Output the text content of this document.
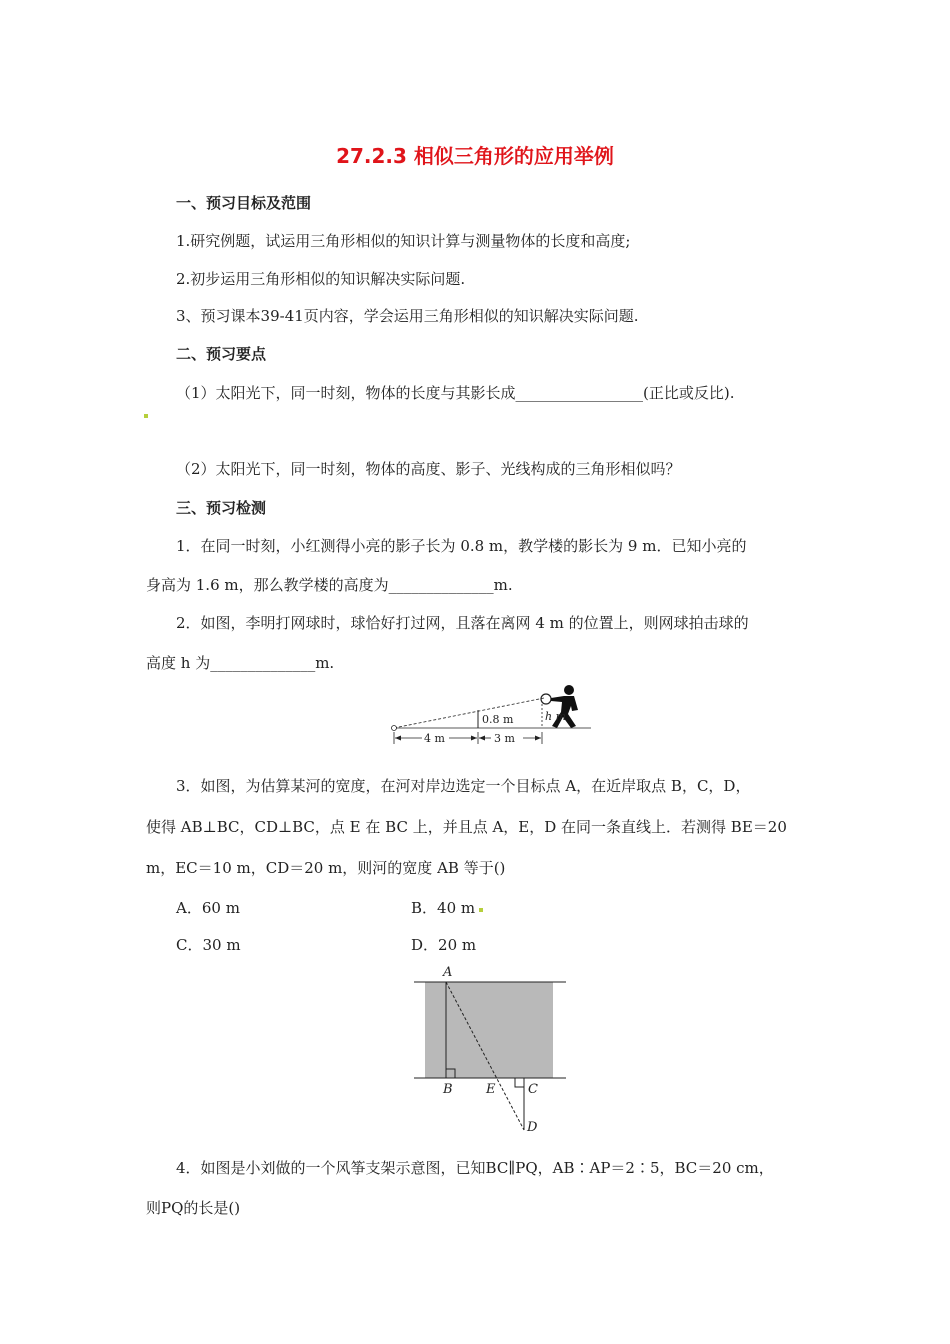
27.2.3 相似三角形的应用举例
一、预习目标及范围
1.研究例题，试运用三角形相似的知识计算与测量物体的长度和高度;
2.初步运用三角形相似的知识解决实际问题.
3、预习课本39-41页内容，学会运用三角形相似的知识解决实际问题.
二、预习要点
（1）太阳光下，同一时刻，物体的长度与其影长成_________________(正比或反比).
（2）太阳光下，同一时刻，物体的高度、影子、光线构成的三角形相似吗？
三、预习检测
1．在同一时刻，小红测得小亮的影子长为 0.8 m，教学楼的影长为 9 m．已知小亮的
身高为 1.6 m，那么教学楼的高度为______________m.
2．如图，李明打网球时，球恰好打过网，且落在离网 4 m 的位置上，则网球拍击球的
高度 h 为______________m.
0.8 m	h m
4 m	3 m
3．如图，为估算某河的宽度，在河对岸边选定一个目标点 A，在近岸取点 B，C，D，
使得 AB⊥BC，CD⊥BC，点 E 在 BC 上，并且点 A，E，D 在同一条直线上．若测得 BE＝20
m，EC＝10 m，CD＝20 m，则河的宽度 AB 等于()
A．60 m	B．40 m
C．30 m	D．20 m
A
B	E	C
D
4．如图是小刘做的一个风筝支架示意图，已知BC∥PQ，AB∶AP＝2∶5，BC＝20 cm，
则PQ的长是()
